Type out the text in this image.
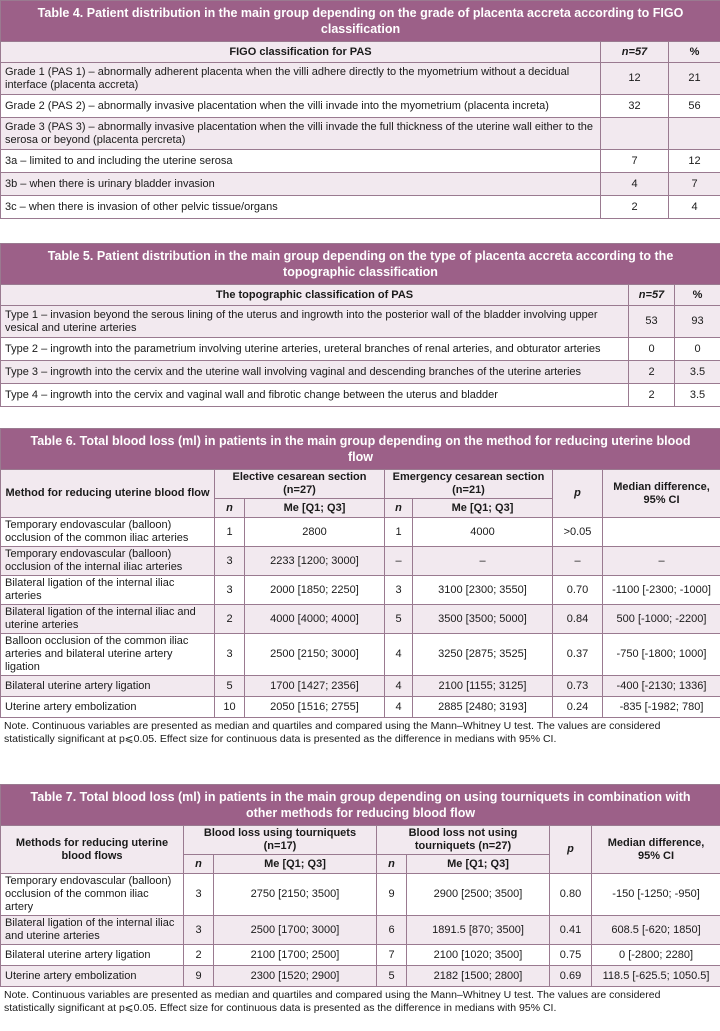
Table 4. Patient distribution in the main group depending on the grade of placenta accreta according to FIGO classification		
FIGO classification for PAS	n=57	%
Grade 1 (PAS 1) – abnormally adherent placenta when the villi adhere directly to the myometrium without a decidual interface (placenta accreta)	12	21
Grade 2 (PAS 2) – abnormally invasive placentation when the villi invade into the myometrium (placenta increta)	32	56
Grade 3 (PAS 3) – abnormally invasive placentation when the villi invade the full thickness of the uterine wall either to the serosa or beyond (placenta percreta)		
3a – limited to and including the uterine serosa	7	12
3b – when there is urinary bladder invasion	4	7
3c – when there is invasion of other pelvic tissue/organs	2	4
Table 5. Patient distribution in the main group depending on the type of placenta accreta according to the topographic classification		
The topographic classification of PAS	n=57	%
Type 1 – invasion beyond the serous lining of the uterus and ingrowth into the posterior wall of the bladder involving upper vesical and uterine arteries	53	93
Type 2 – ingrowth into the parametrium involving uterine arteries, ureteral branches of renal arteries, and obturator arteries	0	0
Type 3 – ingrowth into the cervix and the uterine wall involving vaginal and descending branches of the uterine arteries	2	3.5
Type 4 – ingrowth into the cervix and vaginal wall and fibrotic change between the uterus and bladder	2	3.5
Table 6. Total blood loss (ml) in patients in the main group depending on the method for reducing uterine blood flow						
Method for reducing uterine blood flow	Elective cesarean section (n=27)		Emergency cesarean section (n=21)		p	Median difference, 95% CI
	n	Me [Q1; Q3]	n	Me [Q1; Q3]		
Temporary endovascular (balloon) occlusion of the common iliac arteries	1	2800	1	4000	>0.05	
Temporary endovascular (balloon) occlusion of the internal iliac arteries	3	2233 [1200; 3000]	–	–	–	–
Bilateral ligation of the internal iliac arteries	3	2000 [1850; 2250]	3	3100 [2300; 3550]	0.70	-1100 [-2300; -1000]
Bilateral ligation of the internal iliac and uterine arteries	2	4000 [4000; 4000]	5	3500 [3500; 5000]	0.84	500 [-1000; -2200]
Balloon occlusion of the common iliac arteries and bilateral uterine artery ligation	3	2500 [2150; 3000]	4	3250 [2875; 3525]	0.37	-750 [-1800; 1000]
Bilateral uterine artery ligation	5	1700 [1427; 2356]	4	2100 [1155; 3125]	0.73	-400 [-2130; 1336]
Uterine artery embolization	10	2050 [1516; 2755]	4	2885 [2480; 3193]	0.24	-835 [-1982; 780]
Note. Continuous variables are presented as median and quartiles and compared using the Mann–Whitney U test. The values are considered
statistically significant at p⩽0.05. Effect size for continuous data is presented as the difference in medians with 95% CI.
Table 7. Total blood loss (ml) in patients in the main group depending on using tourniquets in combination with other methods for reducing blood flow						
Methods for reducing uterine blood flows	Blood loss using tourniquets (n=17)		Blood loss not using tourniquets (n=27)		p	Median difference, 95% CI
	n	Me [Q1; Q3]	n	Me [Q1; Q3]		
Temporary endovascular (balloon) occlusion of the common iliac artery	3	2750 [2150; 3500]	9	2900 [2500; 3500]	0.80	-150 [-1250; -950]
Bilateral ligation of the internal iliac and uterine arteries	3	2500 [1700; 3000]	6	1891.5 [870; 3500]	0.41	608.5 [-620; 1850]
Bilateral uterine artery ligation	2	2100 [1700; 2500]	7	2100 [1020; 3500]	0.75	0 [-2800; 2280]
Uterine artery embolization	9	2300 [1520; 2900]	5	2182 [1500; 2800]	0.69	118.5 [-625.5; 1050.5]
Note. Continuous variables are presented as median and quartiles and compared using the Mann–Whitney U test. The values are considered
statistically significant at p⩽0.05. Effect size for continuous data is presented as the difference in medians with 95% CI.
